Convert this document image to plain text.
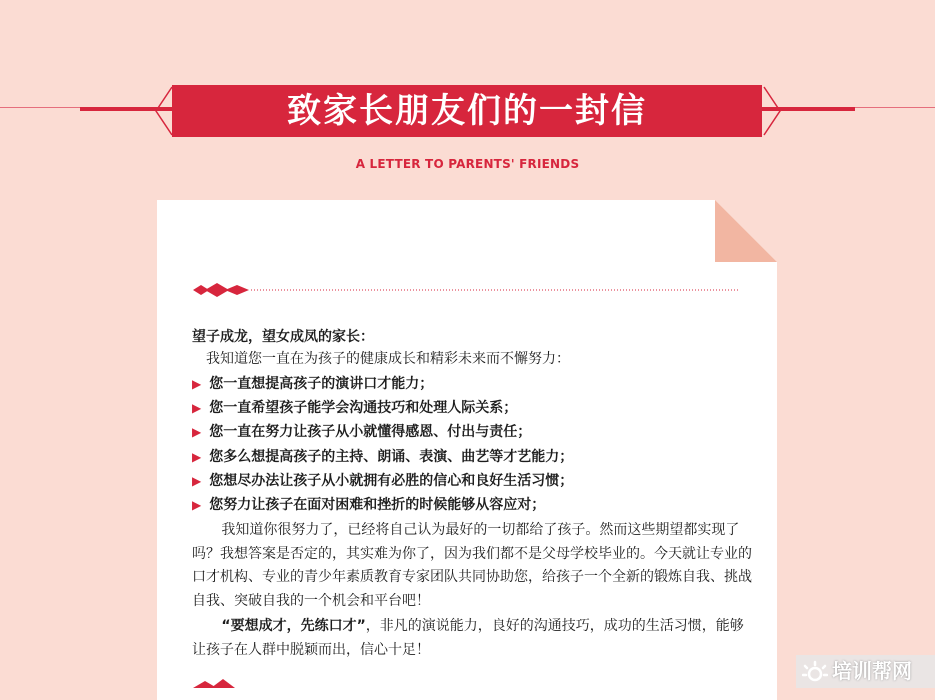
致家长朋友们的一封信
A LETTER TO PARENTS' FRIENDS
望子成龙，望女成凤的家长：
我知道您一直在为孩子的健康成长和精彩未来而不懈努力：
▶ 您一直想提高孩子的演讲口才能力；
▶ 您一直希望孩子能学会沟通技巧和处理人际关系；
▶ 您一直在努力让孩子从小就懂得感恩、付出与责任；
▶ 您多么想提高孩子的主持、朗诵、表演、曲艺等才艺能力；
▶ 您想尽办法让孩子从小就拥有必胜的信心和良好生活习惯；
▶ 您努力让孩子在面对困难和挫折的时候能够从容应对；

我知道你很努力了，已经将自己认为最好的一切都给了孩子。然而这些期望都实现了吗？我想答案是否定的，其实难为你了，因为我们都不是父母学校毕业的。今天就让专业的口才机构、专业的青少年素质教育专家团队共同协助您，给孩子一个全新的锻炼自我、挑战自我、突破自我的一个机会和平台吧！

“要想成才，先练口才”，非凡的演说能力，良好的沟通技巧，成功的生活习惯，能够让孩子在人群中脱颖而出，信心十足！

培训帮网
